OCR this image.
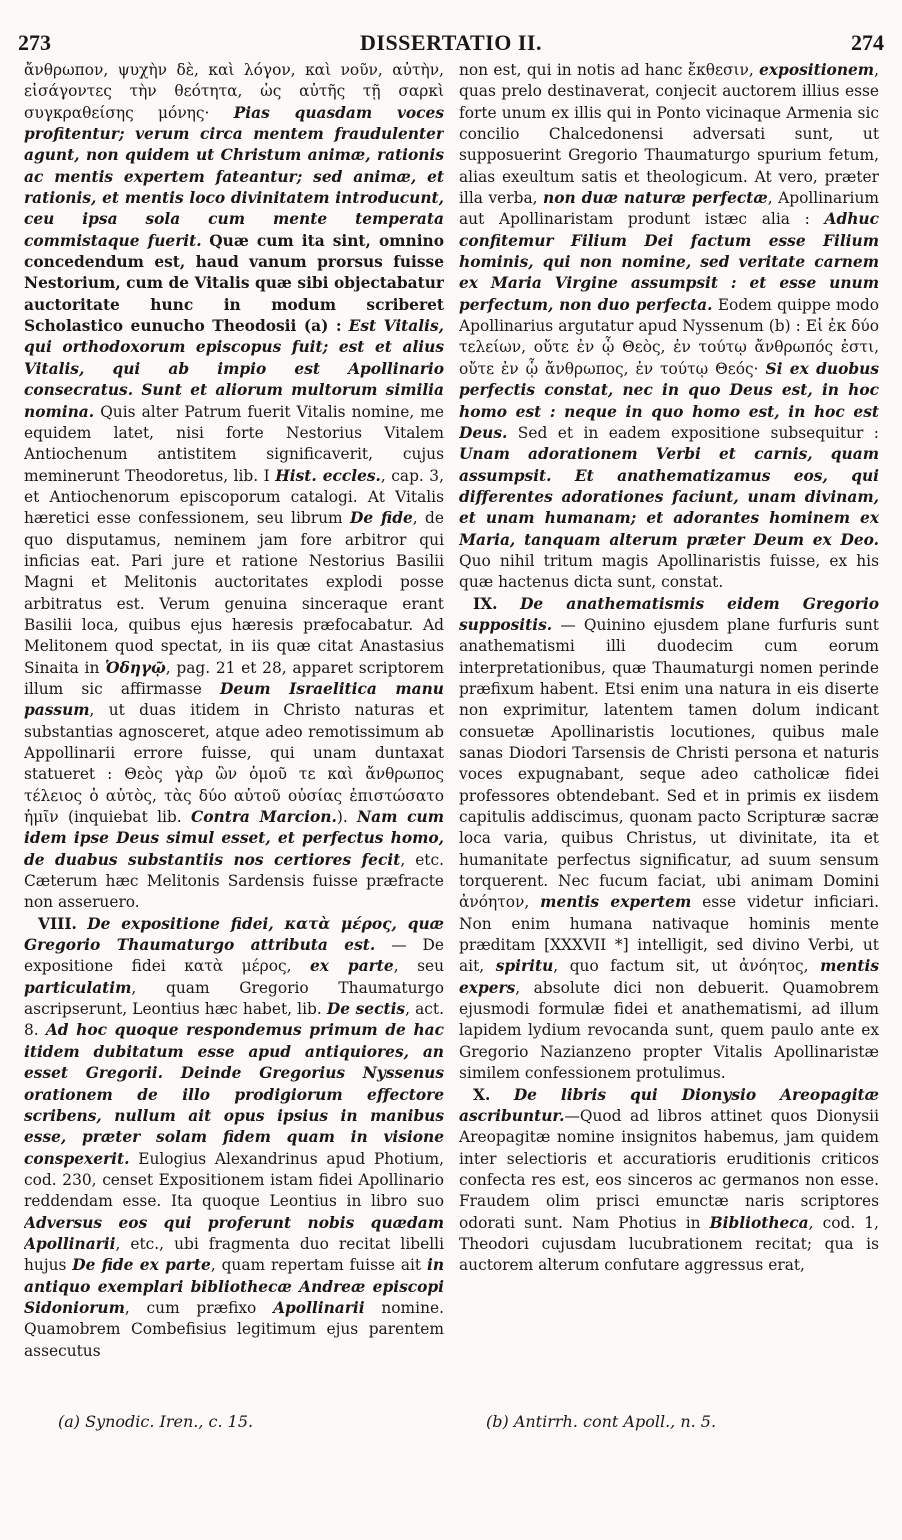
273	DISSERTATIO II.	274

ἄνθρωπον, ψυχὴν δὲ, καὶ λόγον, καὶ νοῦν, αὐτὴν, εἰσάγοντες τὴν θεότητα, ὡς αὐτῆς τῇ σαρκὶ συγκραθείσης μόνης· Pias quasdam voces profitentur; verum circa mentem fraudulenter agunt, non quidem ut Christum animæ, rationis ac mentis expertem fateantur; sed animæ, et rationis, et mentis loco divinitatem introducunt, ceu ipsa sola cum mente temperata commistaque fuerit. Quæ cum ita sint, omnino concedendum est, haud vanum prorsus fuisse Nestorium, cum de Vitalis quæ sibi objectabatur auctoritate hunc in modum scriberet Scholastico eunucho Theodosii (a) : Est Vitalis, qui orthodoxorum episcopus fuit; est et alius Vitalis, qui ab impio est Apollinario consecratus. Sunt et aliorum multorum similia nomina. Quis alter Patrum fuerit Vitalis nomine, me equidem latet, nisi forte Nestorius Vitalem Antiochenum antistitem significaverit, cujus meminerunt Theodoretus, lib. I Hist. eccles., cap. 3, et Antiochenorum episcoporum catalogi. At Vitalis hæretici esse confessionem, seu librum De fide, de quo disputamus, neminem jam fore arbitror qui inficias eat. Pari jure et ratione Nestorius Basilii Magni et Melitonis auctoritates explodi posse arbitratus est. Verum genuina sinceraque erant Basilii loca, quibus ejus hæresis præfocabatur. Ad Melitonem quod spectat, in iis quæ citat Anastasius Sinaita in Ὁδηγῷ, pag. 21 et 28, apparet scriptorem illum sic affirmasse Deum Israelitica manu passum, ut duas itidem in Christo naturas et substantias agnosceret, atque adeo remotissimum ab Appollinarii errore fuisse, qui unam duntaxat statueret : Θεὸς γὰρ ὢν ὁμοῦ τε καὶ ἄνθρωπος τέλειος ὁ αὐτὸς, τὰς δύο αὐτοῦ οὐσίας ἐπιστώσατο ἡμῖν (inquiebat lib. Contra Marcion.). Nam cum idem ipse Deus simul esset, et perfectus homo, de duabus substantiis nos certiores fecit, etc. Cæterum hæc Melitonis Sardensis fuisse præfracte non asseruero.

VIII. De expositione fidei, κατὰ μέρος, quæ Gregorio Thaumaturgo attributa est. — De expositione fidei κατὰ μέρος, ex parte, seu particulatim, quam Gregorio Thaumaturgo ascripserunt, Leontius hæc habet, lib. De sectis, act. 8. Ad hoc quoque respondemus primum de hac itidem dubitatum esse apud antiquiores, an esset Gregorii. Deinde Gregorius Nyssenus orationem de illo prodigiorum effectore scribens, nullum ait opus ipsius in manibus esse, præter solam fidem quam in visione conspexerit. Eulogius Alexandrinus apud Photium, cod. 230, censet Expositionem istam fidei Apollinario reddendam esse. Ita quoque Leontius in libro suo Adversus eos qui proferunt nobis quædam Apollinarii, etc., ubi fragmenta duo recitat libelli hujus De fide ex parte, quam repertam fuisse ait in antiquo exemplari bibliothecæ Andreæ episcopi Sidoniorum, cum præfixo Apollinarii nomine. Quamobrem Combefisius legitimum ejus parentem assecutus

non est, qui in notis ad hanc ἔκθεσιν, expositionem, quas prelo destinaverat, conjecit auctorem illius esse forte unum ex illis qui in Ponto vicinaque Armenia sic concilio Chalcedonensi adversati sunt, ut supposuerint Gregorio Thaumaturgo spurium fetum, alias exeultum satis et theologicum. At vero, præter illa verba, non duæ naturæ perfectæ, Apollinarium aut Apollinaristam produnt istæc alia : Adhuc confitemur Filium Dei factum esse Filium hominis, qui non nomine, sed veritate carnem ex Maria Virgine assumpsit : et esse unum perfectum, non duo perfecta. Eodem quippe modo Apollinarius argutatur apud Nyssenum (b) : Εἰ ἐκ δύο τελείων, οὔτε ἐν ᾧ Θεὸς, ἐν τούτῳ ἄνθρωπός ἐστι, οὔτε ἐν ᾧ ἄνθρωπος, ἐν τούτῳ Θεός· Si ex duobus perfectis constat, nec in quo Deus est, in hoc homo est : neque in quo homo est, in hoc est Deus. Sed et in eadem expositione subsequitur : Unam adorationem Verbi et carnis, quam assumpsit. Et anathematizamus eos, qui differentes adorationes faciunt, unam divinam, et unam humanam; et adorantes hominem ex Maria, tanquam alterum præter Deum ex Deo. Quo nihil tritum magis Apollinaristis fuisse, ex his quæ hactenus dicta sunt, constat.

IX. De anathematismis eidem Gregorio suppositis. — Quinino ejusdem plane furfuris sunt anathematismi illi duodecim cum eorum interpretationibus, quæ Thaumaturgi nomen perinde præfixum habent. Etsi enim una natura in eis diserte non exprimitur, latentem tamen dolum indicant consuetæ Apollinaristis locutiones, quibus male sanas Diodori Tarsensis de Christi persona et naturis voces expugnabant, seque adeo catholicæ fidei professores obtendebant. Sed et in primis ex iisdem capitulis addiscimus, quonam pacto Scripturæ sacræ loca varia, quibus Christus, ut divinitate, ita et humanitate perfectus significatur, ad suum sensum torquerent. Nec fucum faciat, ubi animam Domini ἀνόητον, mentis expertem esse videtur inficiari. Non enim humana nativaque hominis mente præditam [XXXVII *] intelligit, sed divino Verbi, ut ait, spiritu, quo factum sit, ut ἀνόητος, mentis expers, absolute dici non debuerit. Quamobrem ejusmodi formulæ fidei et anathematismi, ad illum lapidem lydium revocanda sunt, quem paulo ante ex Gregorio Nazianzeno propter Vitalis Apollinaristæ similem confessionem protulimus.

X. De libris qui Dionysio Areopagitæ ascribuntur.—Quod ad libros attinet quos Dionysii Areopagitæ nomine insignitos habemus, jam quidem inter selectioris et accuratioris eruditionis criticos confecta res est, eos sinceros ac germanos non esse. Fraudem olim prisci emunctæ naris scriptores odorati sunt. Nam Photius in Bibliotheca, cod. 1, Theodori cujusdam lucubrationem recitat; qua is auctorem alterum confutare aggressus erat,

(a) Synodic. Iren., c. 15.	(b) Antirrh. cont Apoll., n. 5.
